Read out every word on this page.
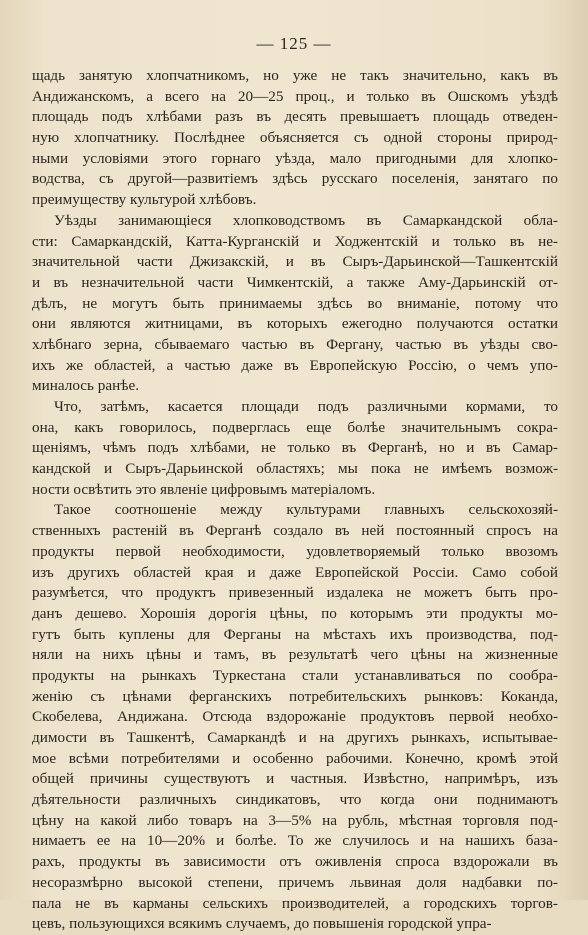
— 125 —
щадь занятую хлопчатникомъ, но уже не такъ значительно, какъ въ
Андижанскомъ, а всего на 20—25 проц., и только въ Ошскомъ уѣздѣ
площадь подъ хлѣбами разъ въ десять превышаетъ площадь отведен-
ную хлопчатнику. Послѣднее объясняется съ одной стороны природ-
ными условіями этого горнаго уѣзда, мало пригодными для хлопко-
водства, съ другой—развитіемъ здѣсь русскаго поселенія, занятаго по
преимуществу культурой хлѣбовъ.
Уѣзды занимающіеся хлопководствомъ въ Самаркандской обла-
сти: Самаркандскій, Катта-Курганскій и Ходжентскій и только въ не-
значительной части Джизакскій, и въ Сыръ-Дарьинской—Ташкентскій
и въ незначительной части Чимкентскій, а также Аму-Дарьинскій от-
дѣлъ, не могутъ быть принимаемы здѣсь во вниманіе, потому что
они являются житницами, въ которыхъ ежегодно получаются остатки
хлѣбнаго зерна, сбываемаго частью въ Фергану, частью въ уѣзды сво-
ихъ же областей, а частью даже въ Европейскую Россію, о чемъ упо-
миналось ранѣе.
Что, затѣмъ, касается площади подъ различными кормами, то
она, какъ говорилось, подверглась еще болѣе значительнымъ сокра-
щеніямъ, чѣмъ подъ хлѣбами, не только въ Ферганѣ, но и въ Самар-
кандской и Сыръ-Дарьинской областяхъ; мы пока не имѣемъ возмож-
ности освѣтить это явленіе цифровымъ матеріаломъ.
Такое соотношеніе между культурами главныхъ сельскохозяй-
ственныхъ растеній въ Ферганѣ создало въ ней постоянный спросъ на
продукты первой необходимости, удовлетворяемый только ввозомъ
изъ другихъ областей края и даже Европейской Россіи. Само собой
разумѣется, что продуктъ привезенный издалека не можетъ быть про-
данъ дешево. Хорошія дорогія цѣны, по которымъ эти продукты мо-
гутъ быть куплены для Ферганы на мѣстахъ ихъ производства, под-
няли на нихъ цѣны и тамъ, въ результатѣ чего цѣны на жизненные
продукты на рынкахъ Туркестана стали устанавливаться по сообра-
женію съ цѣнами ферганскихъ потребительскихъ рынковъ: Коканда,
Скобелева, Андижана. Отсюда вздорожаніе продуктовъ первой необхо-
димости въ Ташкентѣ, Самаркандѣ и на другихъ рынкахъ, испытывае-
мое всѣми потребителями и особенно рабочими. Конечно, кромѣ этой
общей причины существуютъ и частныя. Извѣстно, напримѣръ, изъ
дѣятельности различныхъ синдикатовъ, что когда они поднимаютъ
цѣну на какой либо товаръ на 3—5% на рубль, мѣстная торговля под-
нимаетъ ее на 10—20% и болѣе. То же случилось и на нашихъ база-
рахъ, продукты въ зависимости отъ оживленія спроса вздорожали въ
несоразмѣрно высокой степени, причемъ львиная доля надбавки по-
пала не въ карманы сельскихъ производителей, а городскихъ торгов-
цевъ, пользующихся всякимъ случаемъ, до повышенія городской упра-
